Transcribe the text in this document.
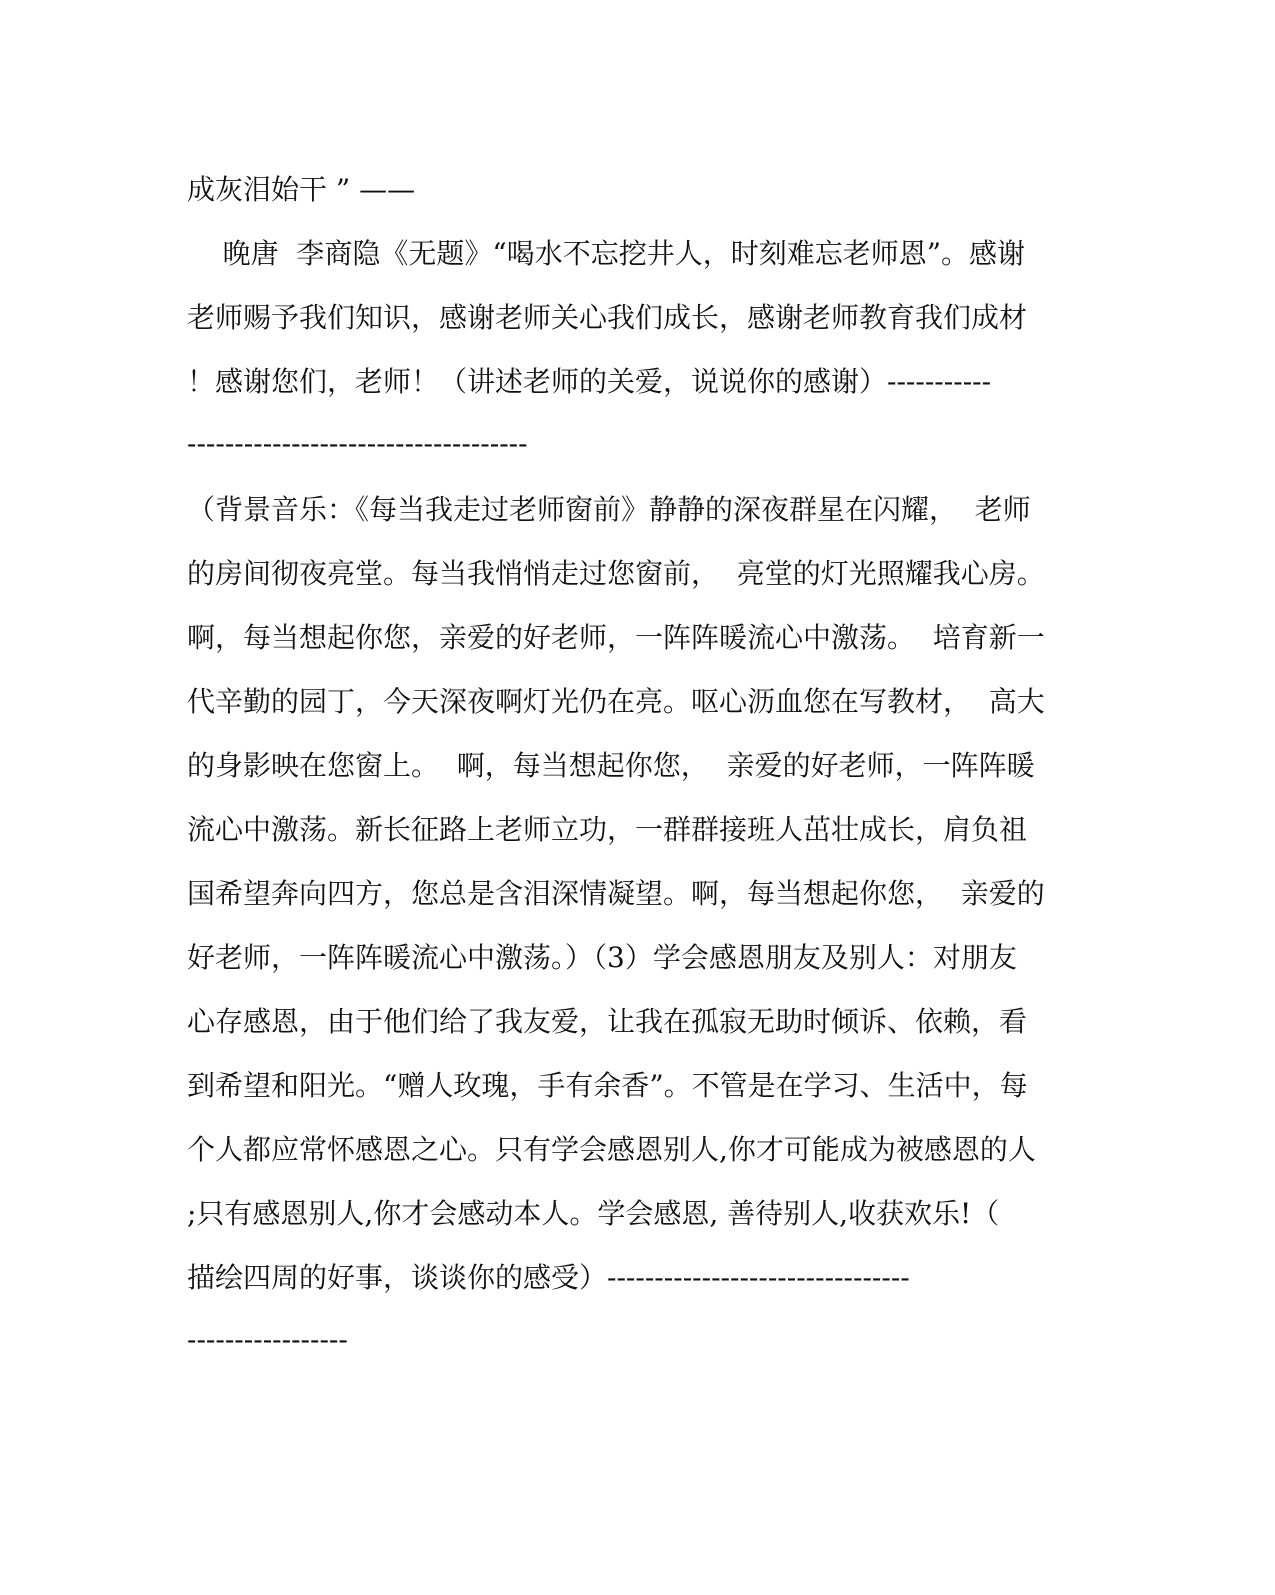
成灰泪始干 ” ——
晚唐  李商隐《无题》“喝水不忘挖井人，时刻难忘老师恩”。感谢
老师赐予我们知识，感谢老师关心我们成长，感谢老师教育我们成材
！感谢您们，老师！（讲述老师的关爱，说说你的感谢）-----------
------------------------------------
（背景音乐：《每当我走过老师窗前》静静的深夜群星在闪耀，  老师
的房间彻夜亮堂。每当我悄悄走过您窗前，  亮堂的灯光照耀我心房。
啊，每当想起你您，亲爱的好老师，一阵阵暖流心中激荡。  培育新一
代辛勤的园丁，今天深夜啊灯光仍在亮。呕心沥血您在写教材，  高大
的身影映在您窗上。  啊，每当想起你您，  亲爱的好老师，一阵阵暖
流心中激荡。新长征路上老师立功，一群群接班人茁壮成长，肩负祖
国希望奔向四方，您总是含泪深情凝望。啊，每当想起你您，  亲爱的
好老师，一阵阵暖流心中激荡。）（3）学会感恩朋友及别人：对朋友
心存感恩，由于他们给了我友爱，让我在孤寂无助时倾诉、依赖，看
到希望和阳光。“赠人玫瑰，手有余香”。不管是在学习、生活中，每
个人都应常怀感恩之心。只有学会感恩别人,你才可能成为被感恩的人
;只有感恩别人,你才会感动本人。学会感恩, 善待别人,收获欢乐!（
描绘四周的好事，谈谈你的感受）--------------------------------
-----------------
